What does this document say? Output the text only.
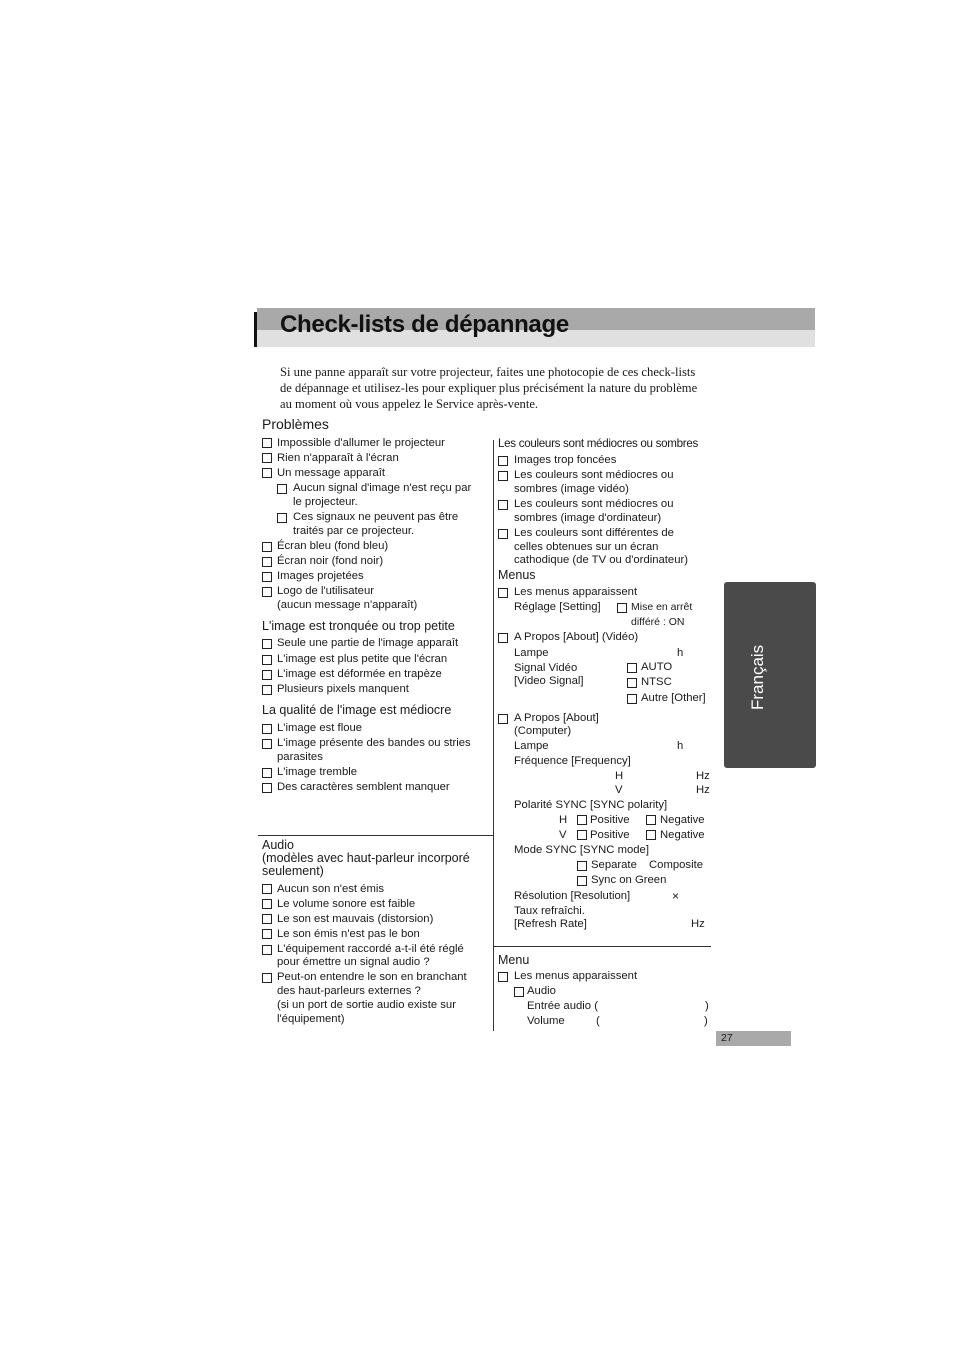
Check-lists de dépannage
Si une panne apparaît sur votre projecteur, faites une photocopie de ces check-lists
de dépannage et utilisez-les pour expliquer plus précisément la nature du problème
au moment où vous appelez le Service après-vente.
Français
Problèmes
Impossible d'allumer le projecteur
Rien n'apparaît à l'écran
Un message apparaît
Aucun signal d'image n'est reçu par
le projecteur.
Ces signaux ne peuvent pas être
traités par ce projecteur.
Écran bleu (fond bleu)
Écran noir (fond noir)
Images projetées
Logo de l'utilisateur
(aucun message n'apparaît)
L'image est tronquée ou trop petite
Seule une partie de l'image apparaît
L'image est plus petite que l'écran
L'image est déformée en trapèze
Plusieurs pixels manquent
La qualité de l'image est médiocre
L'image est floue
L'image présente des bandes ou stries
parasites
L'image tremble
Des caractères semblent manquer
Audio
(modèles avec haut-parleur incorporé
seulement)
Aucun son n'est émis
Le volume sonore est faible
Le son est mauvais (distorsion)
Le son émis n'est pas le bon
L'équipement raccordé a-t-il été réglé
pour émettre un signal audio ?
Peut-on entendre le son en branchant
des haut-parleurs externes ?
(si un port de sortie audio existe sur
l'équipement)
Les couleurs sont médiocres ou sombres
Images trop foncées
Les couleurs sont médiocres ou
sombres (image vidéo)
Les couleurs sont médiocres ou
sombres (image d'ordinateur)
Les couleurs sont différentes de
celles obtenues sur un écran
cathodique (de TV ou d'ordinateur)
Menus
Les menus apparaissent
Réglage [Setting]	Mise en arrêt
différé : ON
A Propos [About] (Vidéo)
Lampe	h
Signal Vidéo
[Video Signal]
AUTO
NTSC
Autre [Other]
A Propos [About]
(Computer)
Lampe	h
Fréquence [Frequency]
H	Hz
V	Hz
Polarité SYNC [SYNC polarity]
H Positive	Negative
V Positive	Negative
Mode SYNC [SYNC mode]
Separate Composite
Sync on Green
Résolution [Resolution]	×
Taux refraîchi.
[Refresh Rate]	Hz
Menu
Les menus apparaissent
Audio
Entrée audio (	)
Volume	(	)
27
